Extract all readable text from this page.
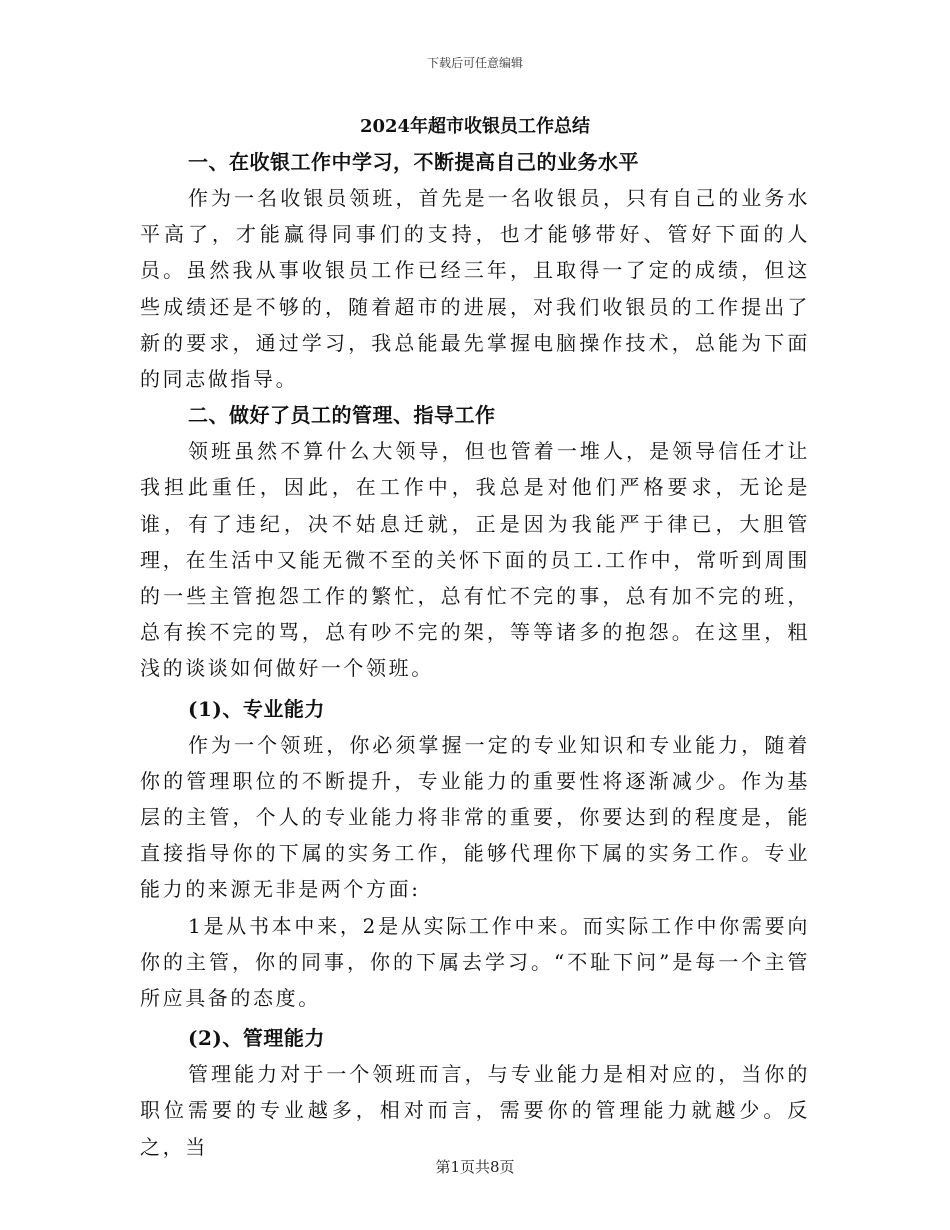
下载后可任意编辑
2024年超市收银员工作总结

一、在收银工作中学习，不断提高自己的业务水平

作为一名收银员领班，首先是一名收银员，只有自己的业务水平高了，才能赢得同事们的支持，也才能够带好、管好下面的人员。虽然我从事收银员工作已经三年，且取得一了定的成绩，但这些成绩还是不够的，随着超市的进展，对我们收银员的工作提出了新的要求，通过学习，我总能最先掌握电脑操作技术，总能为下面的同志做指导。

二、做好了员工的管理、指导工作

领班虽然不算什么大领导，但也管着一堆人，是领导信任才让我担此重任，因此，在工作中，我总是对他们严格要求，无论是谁，有了违纪，决不姑息迁就，正是因为我能严于律已，大胆管理，在生活中又能无微不至的关怀下面的员工.工作中，常听到周围的一些主管抱怨工作的繁忙，总有忙不完的事，总有加不完的班，总有挨不完的骂，总有吵不完的架，等等诸多的抱怨。在这里，粗浅的谈谈如何做好一个领班。

(1)、专业能力

作为一个领班，你必须掌握一定的专业知识和专业能力，随着你的管理职位的不断提升，专业能力的重要性将逐渐减少。作为基层的主管，个人的专业能力将非常的重要，你要达到的程度是，能直接指导你的下属的实务工作，能够代理你下属的实务工作。专业能力的来源无非是两个方面:

1是从书本中来，2是从实际工作中来。而实际工作中你需要向你的主管，你的同事，你的下属去学习。“不耻下问”是每一个主管所应具备的态度。

(2)、管理能力

管理能力对于一个领班而言，与专业能力是相对应的，当你的职位需要的专业越多，相对而言，需要你的管理能力就越少。反之，当

第1页共8页
